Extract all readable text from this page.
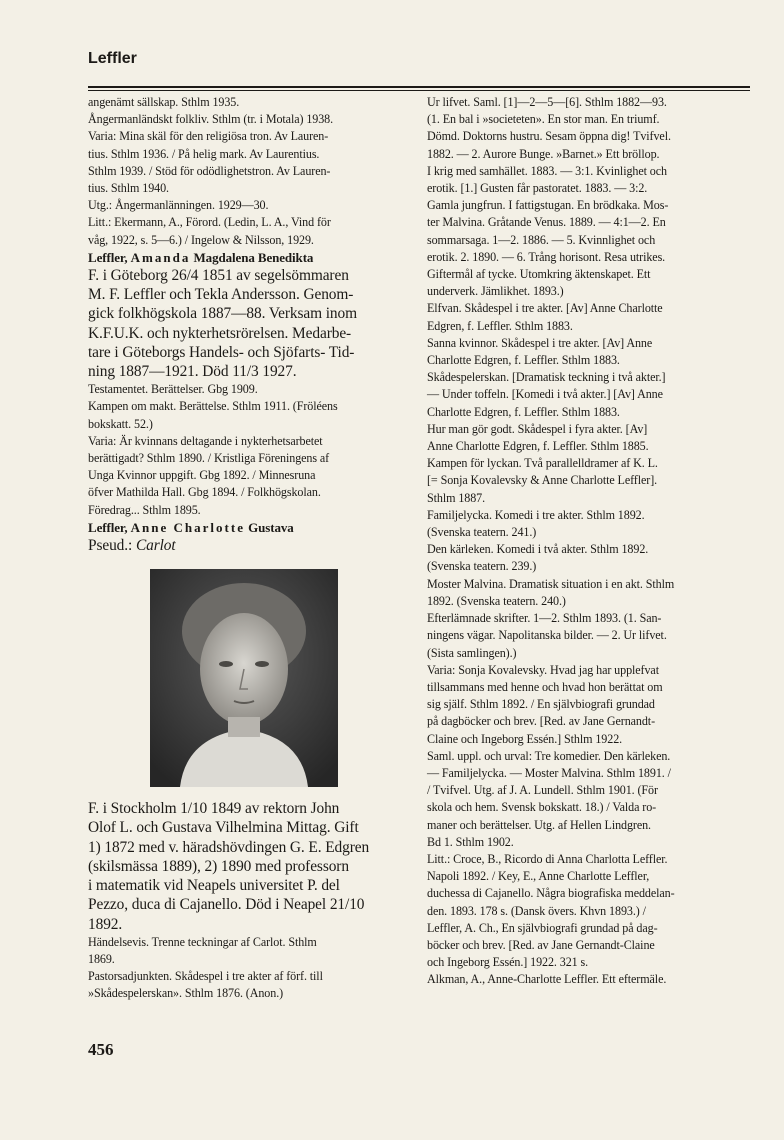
Leffler
angenämt sällskap. Sthlm 1935.
Ångermanländskt folkliv. Sthlm (tr. i Motala) 1938.
Varia: Mina skäl för den religiösa tron. Av Lauren-
tius. Sthlm 1936. / På helig mark. Av Laurentius.
Sthlm 1939. / Stöd för odödlighetstron. Av Lauren-
tius. Sthlm 1940.
Utg.: Ångermanlänningen. 1929—30.
Litt.: Ekermann, A., Förord. (Ledin, L. A., Vind för
våg, 1922, s. 5—6.) / Ingelow & Nilsson, 1929.
Leffler, Amanda Magdalena Benedikta
F. i Göteborg 26/4 1851 av segelsömmaren
M. F. Leffler och Tekla Andersson. Genom-
gick folkhögskola 1887—88. Verksam inom
K.F.U.K. och nykterhetsrörelsen. Medarbe-
tare i Göteborgs Handels- och Sjöfarts- Tid-
ning 1887—1921. Död 11/3 1927.
Testamentet. Berättelser. Gbg 1909.
Kampen om makt. Berättelse. Sthlm 1911. (Fröléens
bokskatt. 52.)
Varia: Är kvinnans deltagande i nykterhetsarbetet
berättigadt? Sthlm 1890. / Kristliga Föreningens af
Unga Kvinnor uppgift. Gbg 1892. / Minnesruna
öfver Mathilda Hall. Gbg 1894. / Folkhögskolan.
Föredrag... Sthlm 1895.
Leffler, Anne Charlotte Gustava
Pseud.: Carlot
F. i Stockholm 1/10 1849 av rektorn John
Olof L. och Gustava Vilhelmina Mittag. Gift
1) 1872 med v. häradshövdingen G. E. Edgren
(skilsmässa 1889), 2) 1890 med professorn
i matematik vid Neapels universitet P. del
Pezzo, duca di Cajanello. Död i Neapel 21/10
1892.
Händelsevis. Trenne teckningar af Carlot. Sthlm
1869.
Pastorsadjunkten. Skådespel i tre akter af förf. till
»Skådespelerskan». Sthlm 1876. (Anon.)
Ur lifvet. Saml. [1]—2—5—[6]. Sthlm 1882—93.
(1. En bal i »societeten». En stor man. En triumf.
Dömd. Doktorns hustru. Sesam öppna dig! Tvifvel.
1882. — 2. Aurore Bunge. »Barnet.» Ett bröllop.
I krig med samhället. 1883. — 3:1. Kvinlighet och
erotik. [1.] Gusten får pastoratet. 1883. — 3:2.
Gamla jungfrun. I fattigstugan. En brödkaka. Mos-
ter Malvina. Gråtande Venus. 1889. — 4:1—2. En
sommarsaga. 1—2. 1886. — 5. Kvinnlighet och
erotik. 2. 1890. — 6. Trång horisont. Resa utrikes.
Giftermål af tycke. Utomkring äktenskapet. Ett
underverk. Jämlikhet. 1893.)
Elfvan. Skådespel i tre akter. [Av] Anne Charlotte
Edgren, f. Leffler. Sthlm 1883.
Sanna kvinnor. Skådespel i tre akter. [Av] Anne
Charlotte Edgren, f. Leffler. Sthlm 1883.
Skådespelerskan. [Dramatisk teckning i två akter.]
— Under toffeln. [Komedi i två akter.] [Av] Anne
Charlotte Edgren, f. Leffler. Sthlm 1883.
Hur man gör godt. Skådespel i fyra akter. [Av]
Anne Charlotte Edgren, f. Leffler. Sthlm 1885.
Kampen för lyckan. Två parallelldramer af K. L.
[= Sonja Kovalevsky & Anne Charlotte Leffler].
Sthlm 1887.
Familjelycka. Komedi i tre akter. Sthlm 1892.
(Svenska teatern. 241.)
Den kärleken. Komedi i två akter. Sthlm 1892.
(Svenska teatern. 239.)
Moster Malvina. Dramatisk situation i en akt. Sthlm
1892. (Svenska teatern. 240.)
Efterlämnade skrifter. 1—2. Sthlm 1893. (1. San-
ningens vägar. Napolitanska bilder. — 2. Ur lifvet.
(Sista samlingen).)
Varia: Sonja Kovalevsky. Hvad jag har upplefvat
tillsammans med henne och hvad hon berättat om
sig själf. Sthlm 1892. / En självbiografi grundad
på dagböcker och brev. [Red. av Jane Gernandt-
Claine och Ingeborg Essén.] Sthlm 1922.
Saml. uppl. och urval: Tre komedier. Den kärleken.
— Familjelycka. — Moster Malvina. Sthlm 1891. /
/ Tvifvel. Utg. af J. A. Lundell. Sthlm 1901. (För
skola och hem. Svensk bokskatt. 18.) / Valda ro-
maner och berättelser. Utg. af Hellen Lindgren.
Bd 1. Sthlm 1902.
Litt.: Croce, B., Ricordo di Anna Charlotta Leffler.
Napoli 1892. / Key, E., Anne Charlotte Leffler,
duchessa di Cajanello. Några biografiska meddelan-
den. 1893. 178 s. (Dansk övers. Khvn 1893.) /
Leffler, A. Ch., En självbiografi grundad på dag-
böcker och brev. [Red. av Jane Gernandt-Claine
och Ingeborg Essén.] 1922. 321 s.
Alkman, A., Anne-Charlotte Leffler. Ett eftermäle.
456
